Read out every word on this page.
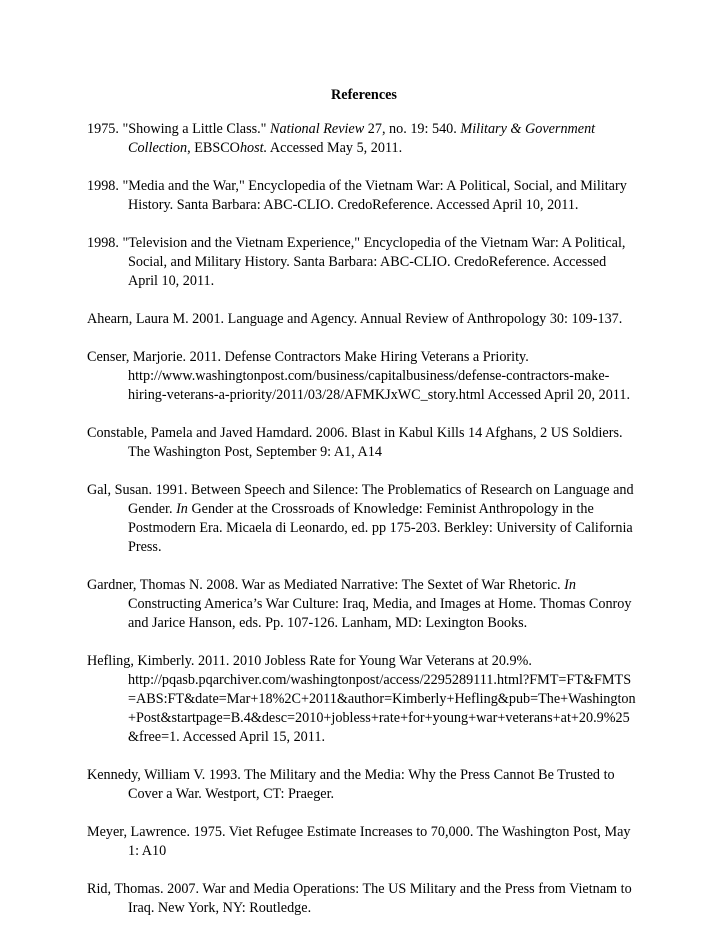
References
1975. "Showing a Little Class." National Review 27, no. 19: 540. Military & Government
Collection, EBSCOhost. Accessed May 5, 2011.
1998. "Media and the War," Encyclopedia of the Vietnam War: A Political, Social, and Military
History. Santa Barbara: ABC-CLIO. CredoReference. Accessed April 10, 2011.
1998. "Television and the Vietnam Experience," Encyclopedia of the Vietnam War: A Political,
Social, and Military History. Santa Barbara: ABC-CLIO. CredoReference. Accessed
April 10, 2011.
Ahearn, Laura M. 2001. Language and Agency. Annual Review of Anthropology 30: 109-137.
Censer, Marjorie. 2011. Defense Contractors Make Hiring Veterans a Priority.
http://www.washingtonpost.com/business/capitalbusiness/defense-contractors-make-
hiring-veterans-a-priority/2011/03/28/AFMKJxWC_story.html Accessed April 20, 2011.
Constable, Pamela and Javed Hamdard. 2006. Blast in Kabul Kills 14 Afghans, 2 US Soldiers.
The Washington Post, September 9: A1, A14
Gal, Susan. 1991. Between Speech and Silence: The Problematics of Research on Language and
Gender. In Gender at the Crossroads of Knowledge: Feminist Anthropology in the
Postmodern Era. Micaela di Leonardo, ed. pp 175-203. Berkley: University of California
Press.
Gardner, Thomas N. 2008. War as Mediated Narrative: The Sextet of War Rhetoric. In
Constructing America’s War Culture: Iraq, Media, and Images at Home. Thomas Conroy
and Jarice Hanson, eds. Pp. 107-126. Lanham, MD: Lexington Books.
Hefling, Kimberly. 2011. 2010 Jobless Rate for Young War Veterans at 20.9%.
http://pqasb.pqarchiver.com/washingtonpost/access/2295289111.html?FMT=FT&FMTS
=ABS:FT&date=Mar+18%2C+2011&author=Kimberly+Hefling&pub=The+Washington
+Post&startpage=B.4&desc=2010+jobless+rate+for+young+war+veterans+at+20.9%25
&free=1. Accessed April 15, 2011.
Kennedy, William V. 1993. The Military and the Media: Why the Press Cannot Be Trusted to
Cover a War. Westport, CT: Praeger.
Meyer, Lawrence. 1975. Viet Refugee Estimate Increases to 70,000. The Washington Post, May
1: A10
Rid, Thomas. 2007. War and Media Operations: The US Military and the Press from Vietnam to
Iraq. New York, NY: Routledge.
